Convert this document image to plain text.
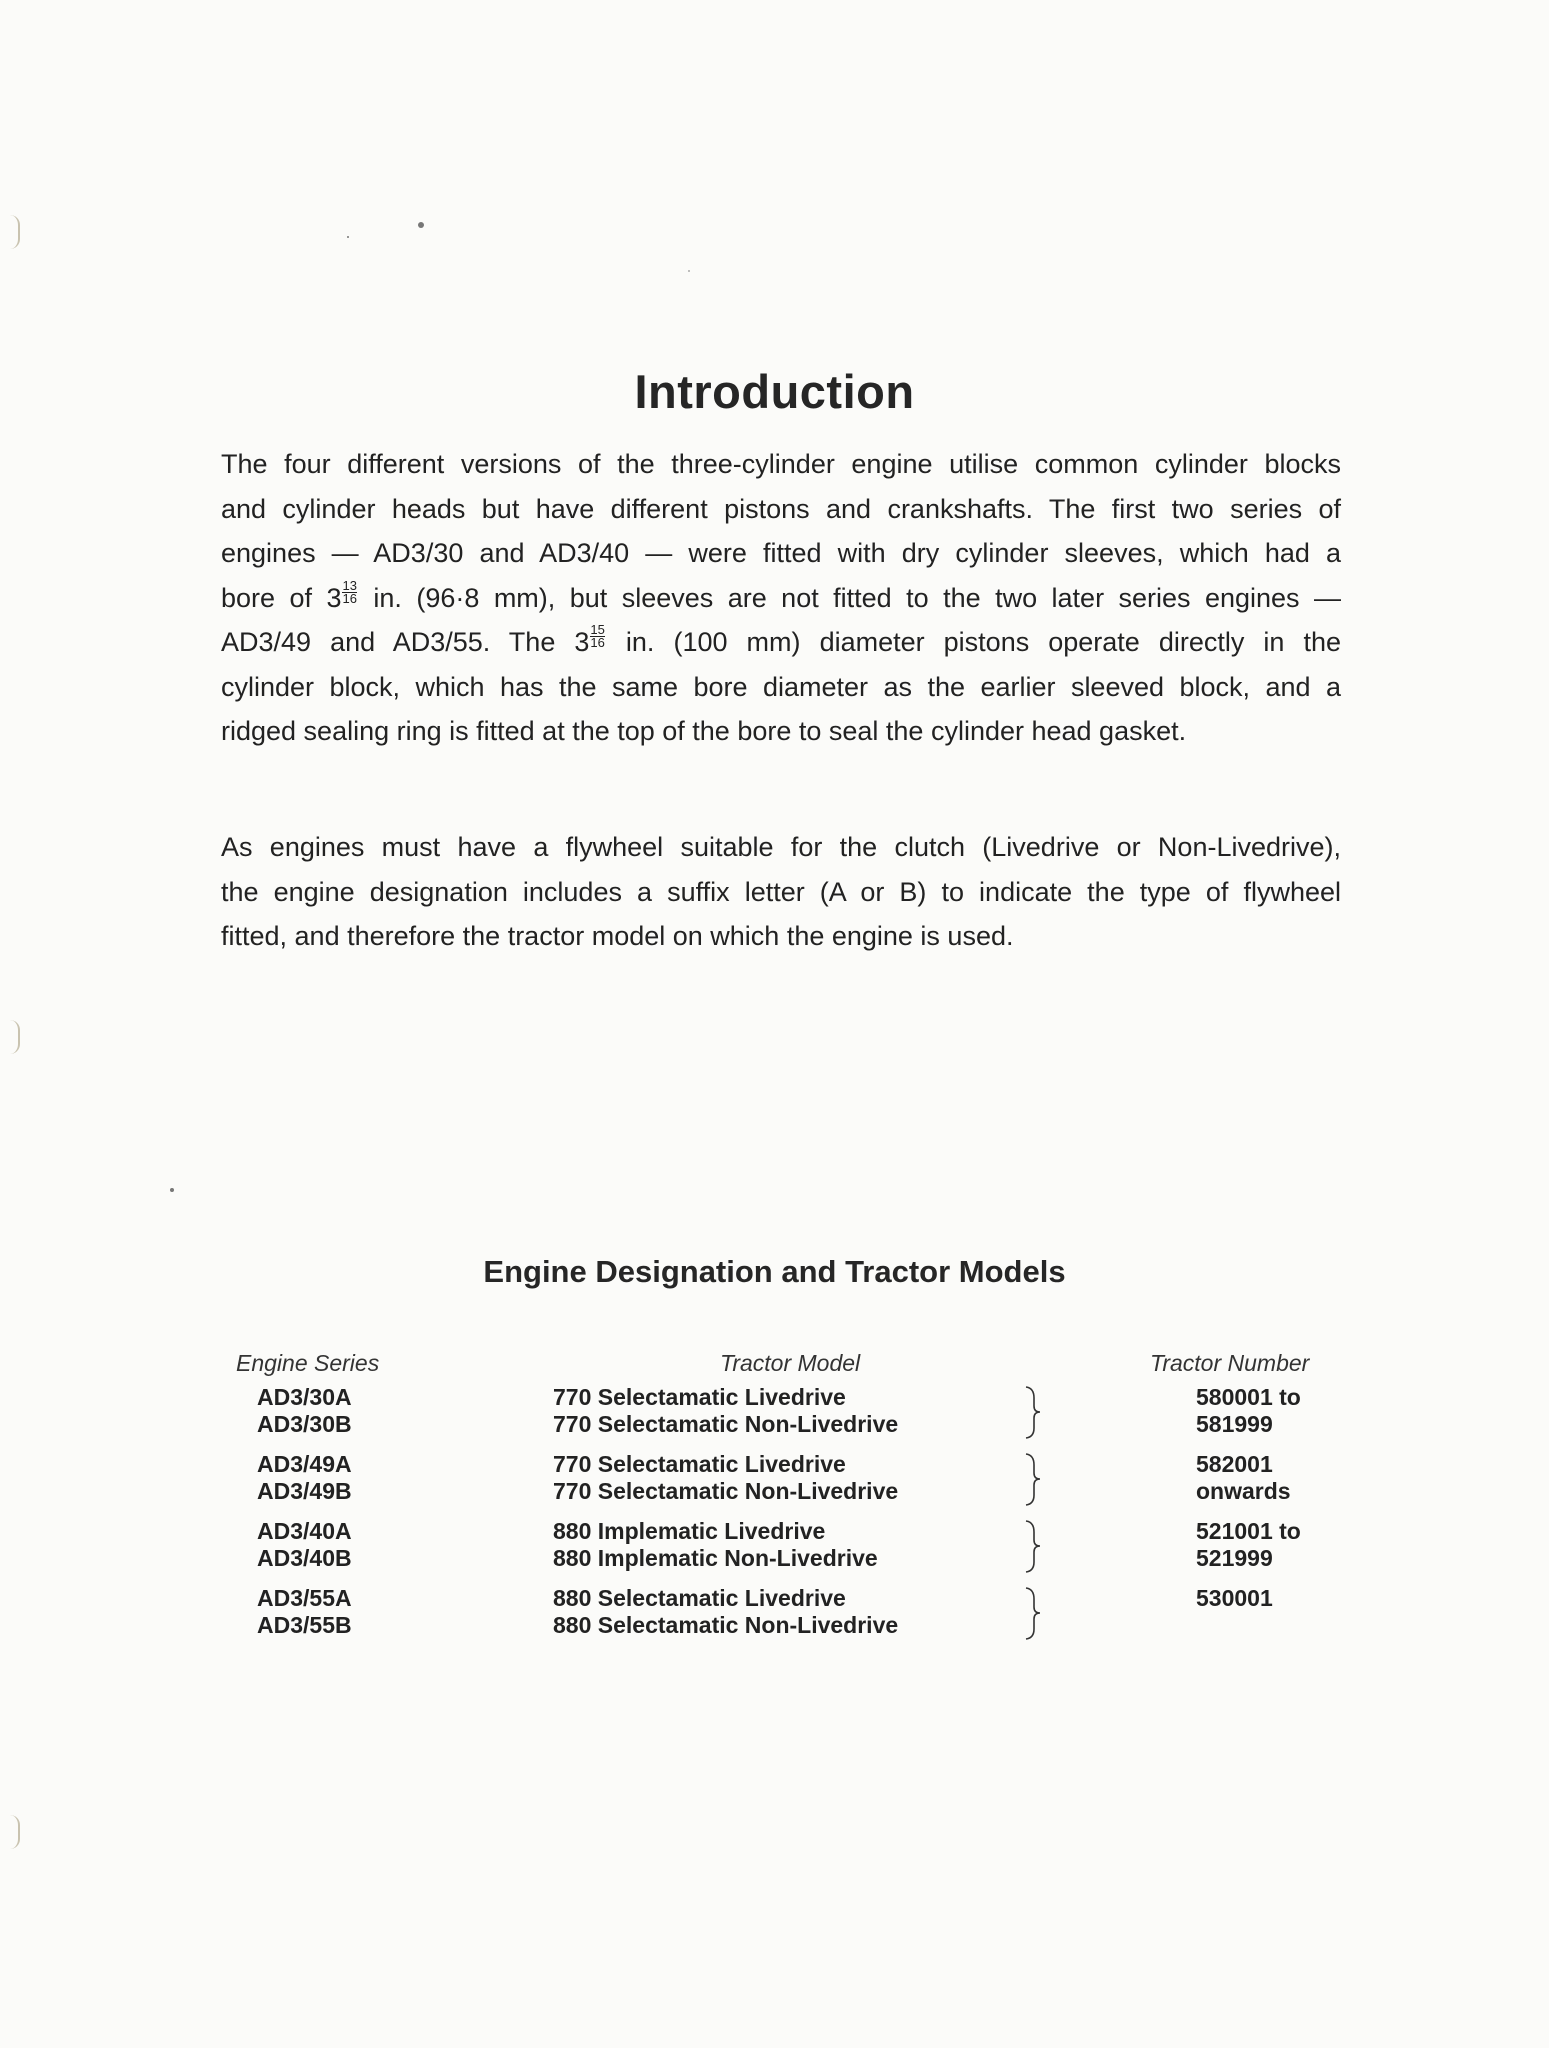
Introduction
The four different versions of the three-cylinder engine utilise common cylinder blocks
and cylinder heads but have different pistons and crankshafts. The first two series of
engines — AD3/30 and AD3/40 — were fitted with dry cylinder sleeves, which had a
bore of $3 \frac{13}{16}$ in. (96·8 mm), but sleeves are not fitted to the two later series engines —
AD3/49 and AD3/55. The $3 \frac{15}{16}$ in. (100 mm) diameter pistons operate directly in the
cylinder block, which has the same bore diameter as the earlier sleeved block, and a
ridged sealing ring is fitted at the top of the bore to seal the cylinder head gasket.
As engines must have a flywheel suitable for the clutch (Livedrive or Non-Livedrive),
the engine designation includes a suffix letter (A or B) to indicate the type of flywheel
fitted, and therefore the tractor model on which the engine is used.
Engine Designation and Tractor Models
Engine Series	Tractor Model	Tractor Number
AD3/30A
AD3/30B
770 Selectamatic Livedrive
770 Selectamatic Non-Livedrive
580001 to
581999
AD3/49A
AD3/49B
770 Selectamatic Livedrive
770 Selectamatic Non-Livedrive
582001
onwards
AD3/40A
AD3/40B
880 Implematic Livedrive
880 Implematic Non-Livedrive
521001 to
521999
AD3/55A
AD3/55B
880 Selectamatic Livedrive
880 Selectamatic Non-Livedrive
530001
